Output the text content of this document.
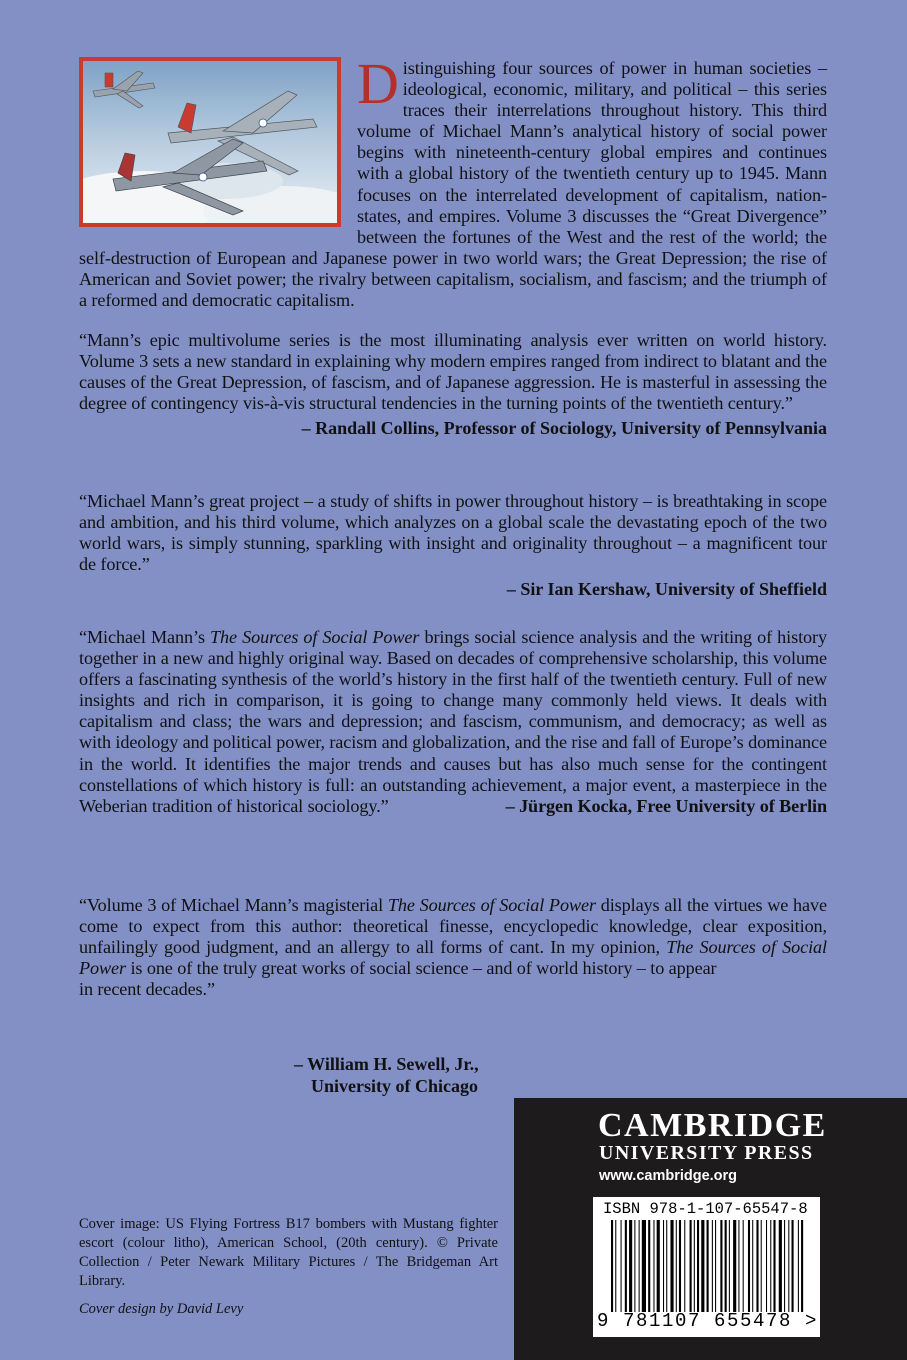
Distinguishing four sources of power in human societies – ideological, economic, military, and political – this series traces their interrelations throughout history. This third volume of Michael Mann’s analytical history of social power begins with nineteenth-century global empires and continues with a global history of the twentieth century up to 1945. Mann focuses on the interrelated development of capitalism, nation-states, and empires. Volume 3 discusses the “Great Divergence” between the fortunes of the West and the rest of the world; the self-destruction of European and Japanese power in two world wars; the Great Depression; the rise of American and Soviet power; the rivalry between capitalism, socialism, and fascism; and the triumph of a reformed and democratic capitalism.
“Mann’s epic multivolume series is the most illuminating analysis ever written on world history. Volume 3 sets a new standard in explaining why modern empires ranged from indirect to blatant and the causes of the Great Depression, of fascism, and of Japanese aggression. He is masterful in assessing the degree of contingency vis-à-vis structural tendencies in the turning points of the twentieth century.”
– Randall Collins, Professor of Sociology, University of Pennsylvania
“Michael Mann’s great project – a study of shifts in power throughout history – is breathtaking in scope and ambition, and his third volume, which analyzes on a global scale the devastating epoch of the two world wars, is simply stunning, sparkling with insight and originality throughout – a magnificent tour de force.”
– Sir Ian Kershaw, University of Sheffield
“Michael Mann’s The Sources of Social Power brings social science analysis and the writing of history together in a new and highly original way. Based on decades of comprehensive scholarship, this volume offers a fascinating synthesis of the world’s history in the first half of the twentieth century. Full of new insights and rich in comparison, it is going to change many commonly held views. It deals with capitalism and class; the wars and depression; and fascism, communism, and democracy; as well as with ideology and political power, racism and globalization, and the rise and fall of Europe’s dominance in the world. It identifies the major trends and causes but has also much sense for the contingent constellations of which history is full: an outstanding achievement, a major event, a masterpiece in the Weberian tradition of historical sociology.”	– Jürgen Kocka, Free University of Berlin
“Volume 3 of Michael Mann’s magisterial The Sources of Social Power displays all the virtues we have come to expect from this author: theoretical finesse, encyclopedic knowledge, clear exposition, unfailingly good judgment, and an allergy to all forms of cant. In my opinion, The Sources of Social Power is one of the truly great works of social science – and of world history – to appear
in recent decades.”
– William H. Sewell, Jr.,
University of Chicago
Cover image: US Flying Fortress B17 bombers with Mustang fighter escort (colour litho), American School, (20th century). © Private Collection / Peter Newark Military Pictures / The Bridgeman Art Library.
Cover design by David Levy
CAMBRIDGE
UNIVERSITY PRESS
www.cambridge.org
ISBN 978-1-107-65547-8
9 781107 655478 >
